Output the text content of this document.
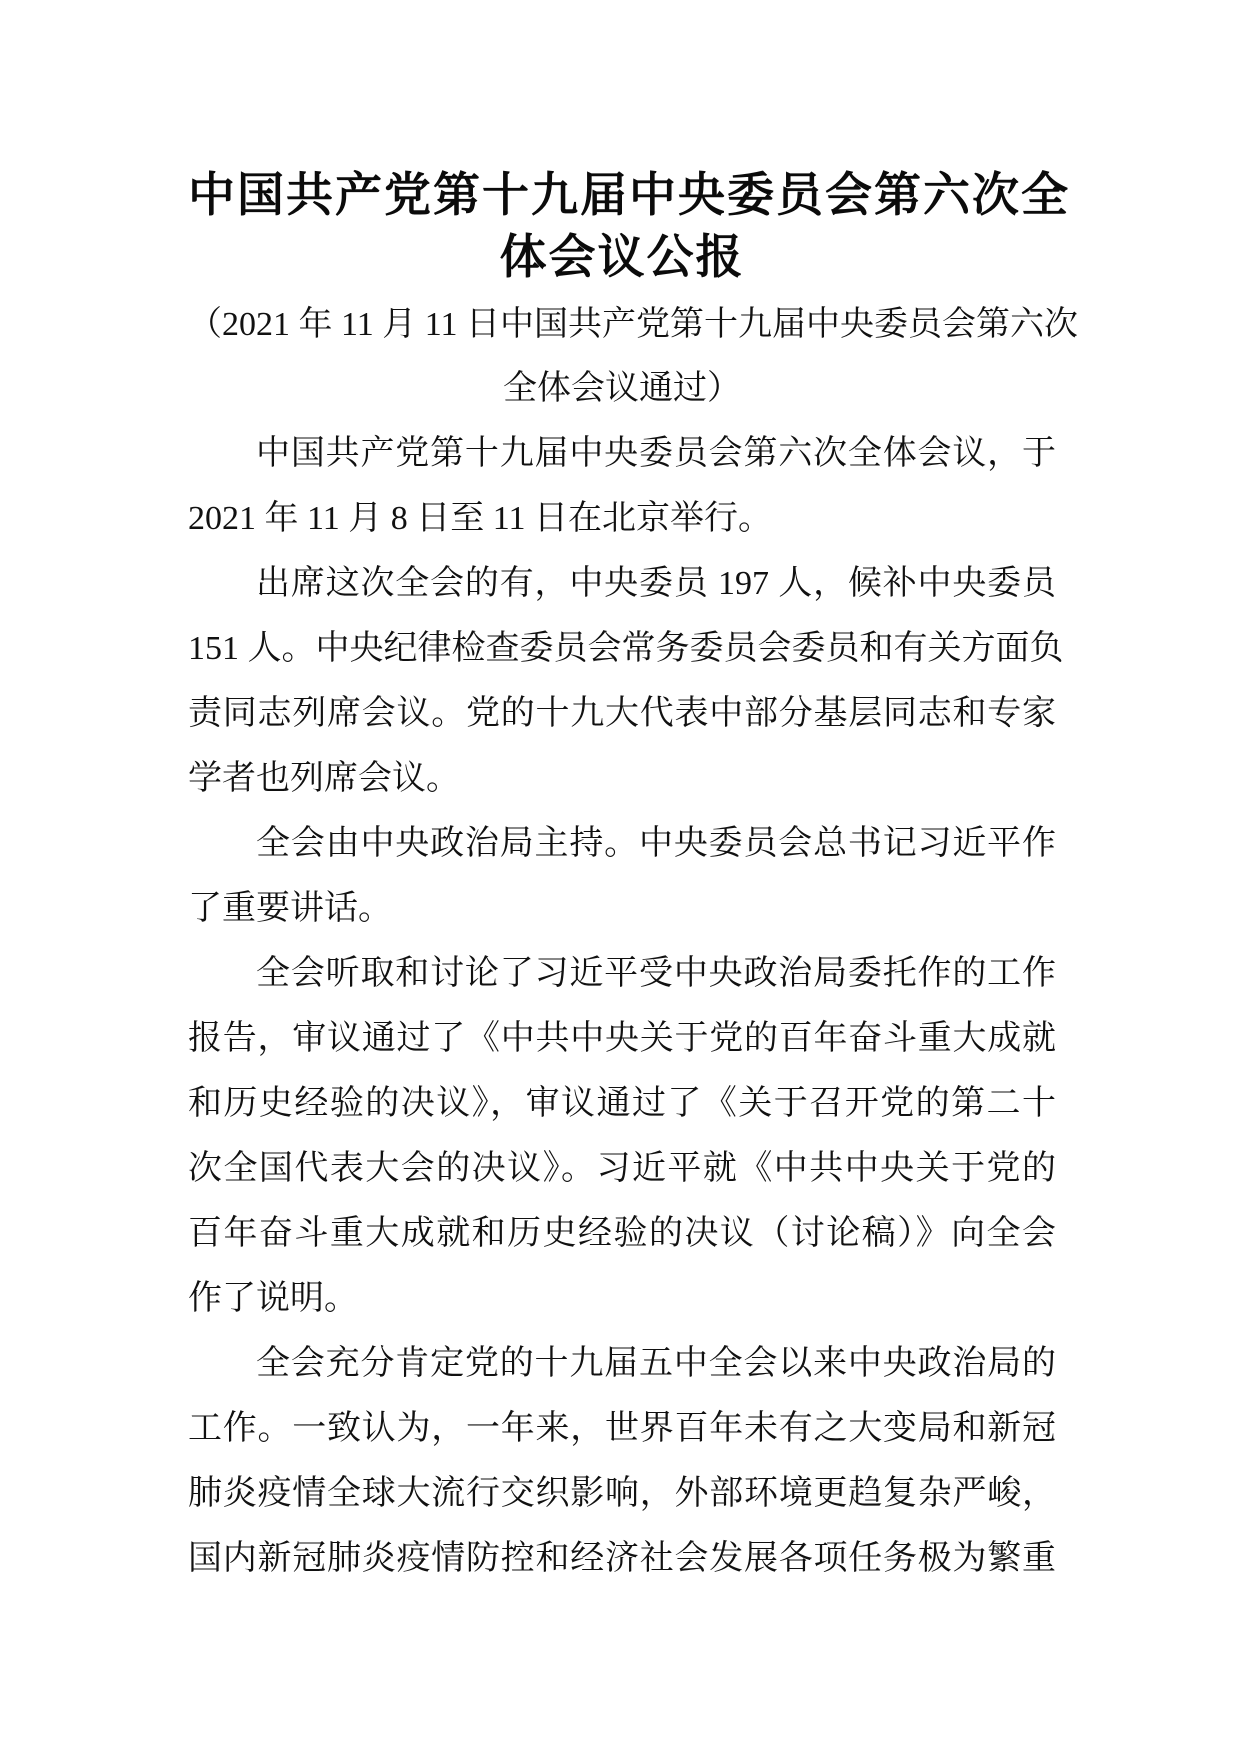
中国共产党第十九届中央委员会第六次全
体会议公报
（2021 年 11 月 11 日中国共产党第十九届中央委员会第六次
全体会议通过）

中国共产党第十九届中央委员会第六次全体会议，于
2021 年 11 月 8 日至 11 日在北京举行。

出席这次全会的有，中央委员 197 人，候补中央委员
151 人。中央纪律检查委员会常务委员会委员和有关方面负
责同志列席会议。党的十九大代表中部分基层同志和专家
学者也列席会议。

全会由中央政治局主持。中央委员会总书记习近平作
了重要讲话。

全会听取和讨论了习近平受中央政治局委托作的工作
报告，审议通过了《中共中央关于党的百年奋斗重大成就
和历史经验的决议》，审议通过了《关于召开党的第二十
次全国代表大会的决议》。习近平就《中共中央关于党的
百年奋斗重大成就和历史经验的决议（讨论稿）》向全会
作了说明。

全会充分肯定党的十九届五中全会以来中央政治局的
工作。一致认为，一年来，世界百年未有之大变局和新冠
肺炎疫情全球大流行交织影响，外部环境更趋复杂严峻，
国内新冠肺炎疫情防控和经济社会发展各项任务极为繁重
